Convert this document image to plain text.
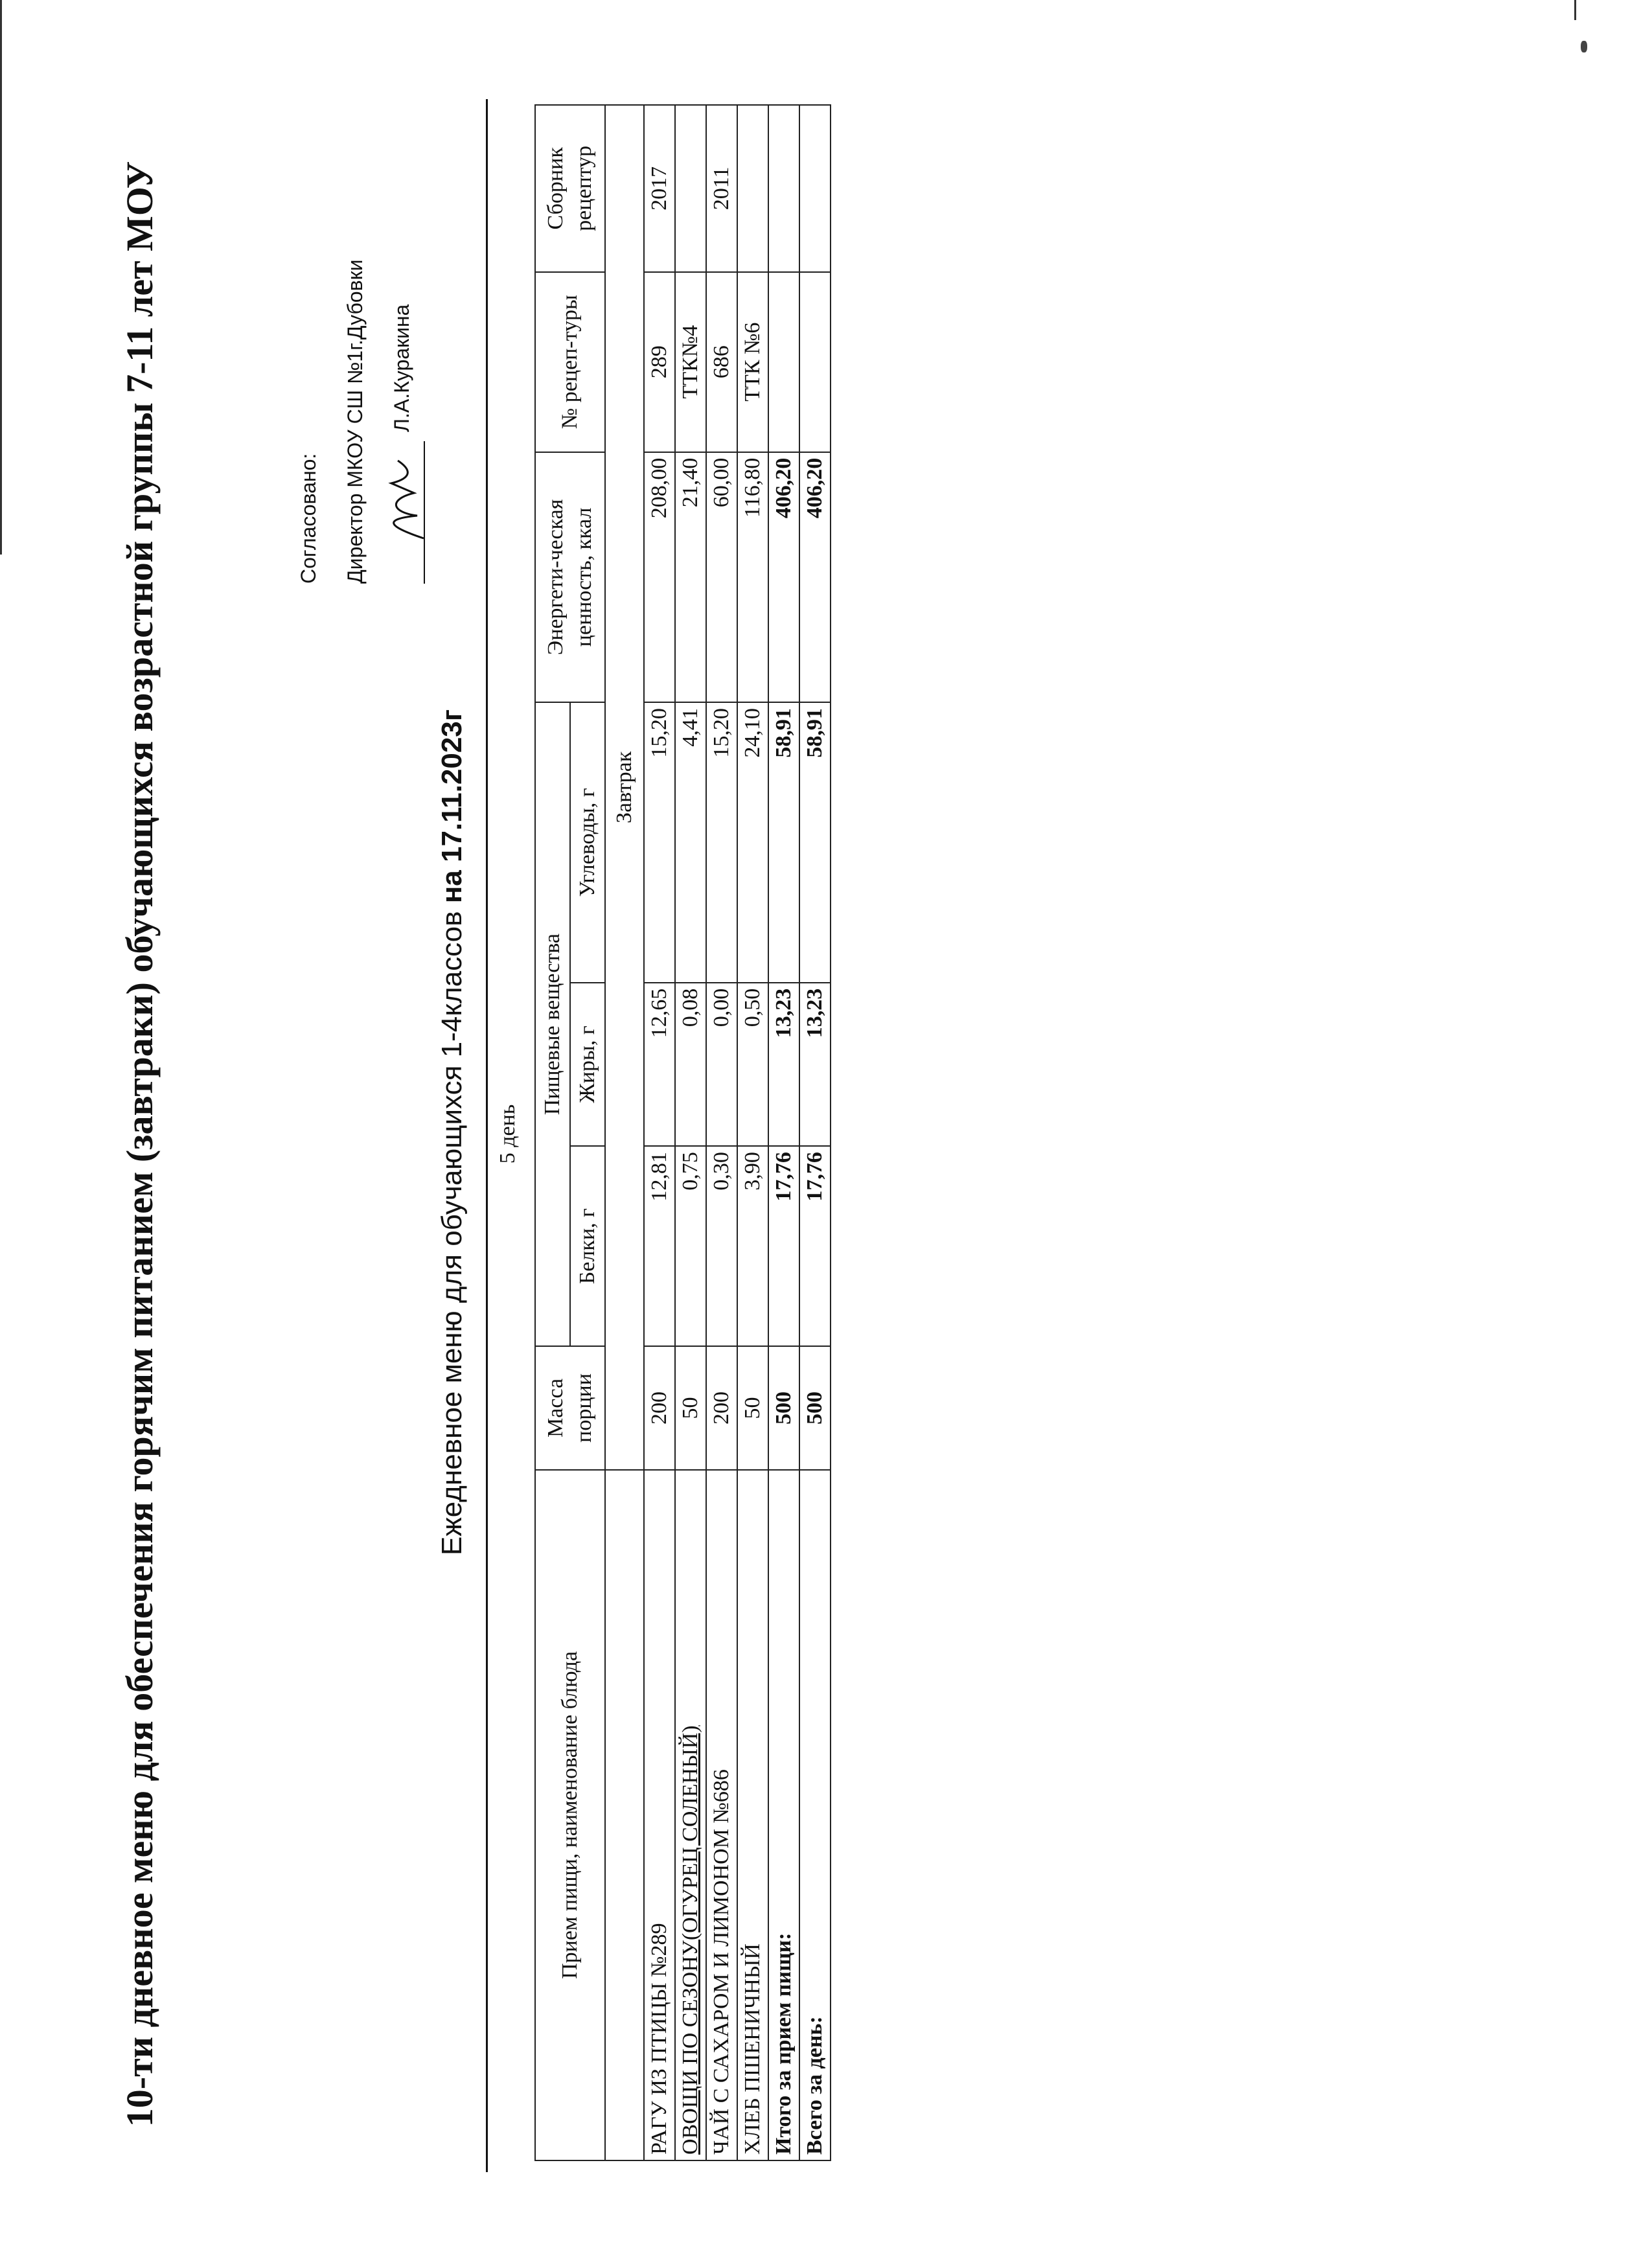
10-ти дневное меню для обеспечения горячим питанием (завтраки) обучающихся возрастной группы 7-11 лет МОУ	Согласовано:	Директор МКОУ СШ №1г.Дубовки	Л.А.Куракина
Ежедневное меню для обучающихся 1-4классов на 17.11.2023г
5 день
Прием пищи, наименование блюда	Масса порции	Пищевые вещества			Энергети-ческая ценность, ккал	№ рецеп-туры	Сборник рецептур
		Белки, г	Жиры, г	Углеводы, г			
	Завтрак						
РАГУ ИЗ ПТИЦЫ №289	200	12,81	12,65	15,20	208,00	289	2017
ОВОЩИ ПО СЕЗОНУ(ОГУРЕЦ СОЛЕНЫЙ)	50	0,75	0,08	4,41	21,40	ТТК№4	
ЧАЙ С САХАРОМ И ЛИМОНОМ №686	200	0,30	0,00	15,20	60,00	686	2011
ХЛЕБ ПШЕНИЧНЫЙ	50	3,90	0,50	24,10	116,80	ТТК №6	
Итого за прием пищи:	500	17,76	13,23	58,91	406,20		
Всего за день:	500	17,76	13,23	58,91	406,20		
